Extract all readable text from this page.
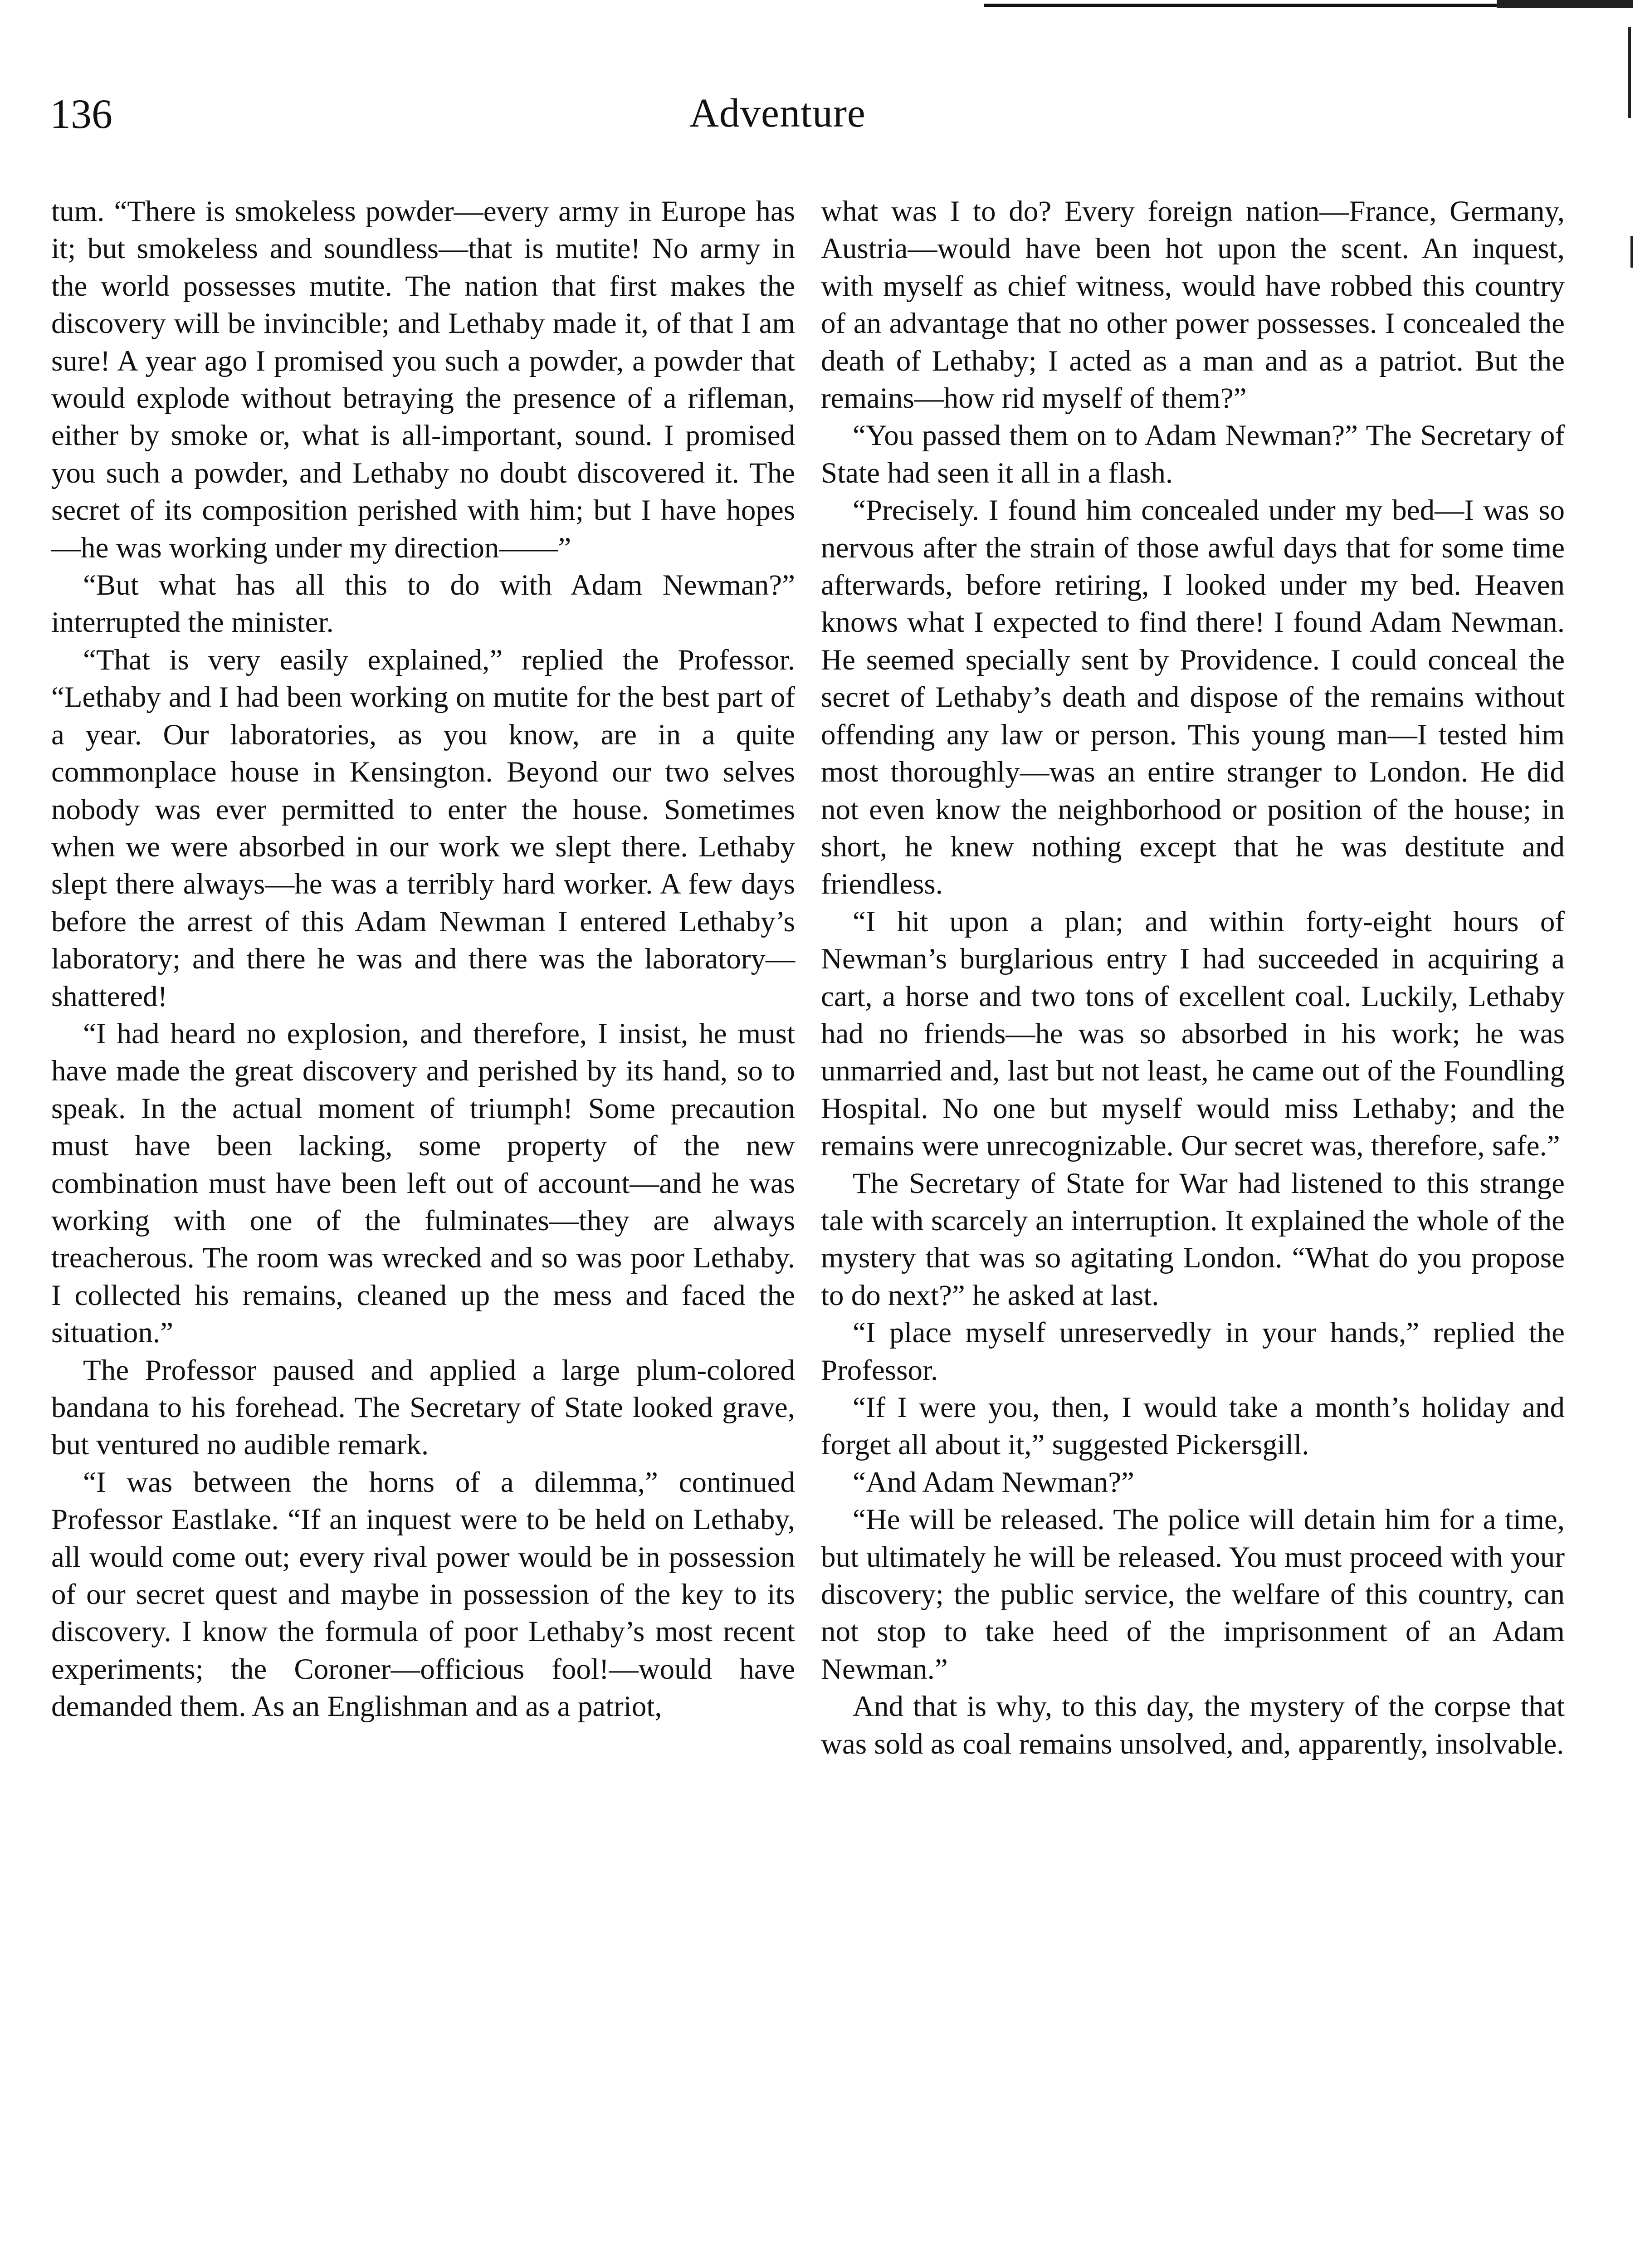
136	Adventure

tum. “There is smokeless powder—every army in Europe has it; but smokeless and soundless—that is mutite! No army in the world possesses mutite. The nation that first makes the discovery will be invincible; and Lethaby made it, of that I am sure! A year ago I promised you such a powder, a powder that would explode without betraying the presence of a rifleman, either by smoke or, what is all-important, sound. I promised you such a powder, and Lethaby no doubt discovered it. The secret of its composition perished with him; but I have hopes—he was working under my direction——”

“But what has all this to do with Adam Newman?” interrupted the minister.

“That is very easily explained,” replied the Professor. “Lethaby and I had been working on mutite for the best part of a year. Our laboratories, as you know, are in a quite commonplace house in Kensington. Beyond our two selves nobody was ever permitted to enter the house. Sometimes when we were absorbed in our work we slept there. Lethaby slept there always—he was a terribly hard worker. A few days before the arrest of this Adam Newman I entered Lethaby’s laboratory; and there he was and there was the laboratory—shattered!

“I had heard no explosion, and therefore, I insist, he must have made the great discovery and perished by its hand, so to speak. In the actual moment of triumph! Some precaution must have been lacking, some property of the new combination must have been left out of account—and he was working with one of the fulminates—they are always treacherous. The room was wrecked and so was poor Lethaby. I collected his remains, cleaned up the mess and faced the situation.”

The Professor paused and applied a large plum-colored bandana to his forehead. The Secretary of State looked grave, but ventured no audible remark.

“I was between the horns of a dilemma,” continued Professor Eastlake. “If an inquest were to be held on Lethaby, all would come out; every rival power would be in possession of our secret quest and maybe in possession of the key to its discovery. I know the formula of poor Lethaby’s most recent experiments; the Coroner—officious fool!—would have demanded them. As an Englishman and as a patriot,

what was I to do? Every foreign nation—France, Germany, Austria—would have been hot upon the scent. An inquest, with myself as chief witness, would have robbed this country of an advantage that no other power possesses. I concealed the death of Lethaby; I acted as a man and as a patriot. But the remains—how rid myself of them?”

“You passed them on to Adam Newman?” The Secretary of State had seen it all in a flash.

“Precisely. I found him concealed under my bed—I was so nervous after the strain of those awful days that for some time afterwards, before retiring, I looked under my bed. Heaven knows what I expected to find there! I found Adam Newman. He seemed specially sent by Providence. I could conceal the secret of Lethaby’s death and dispose of the remains without offending any law or person. This young man—I tested him most thoroughly—was an entire stranger to London. He did not even know the neighborhood or position of the house; in short, he knew nothing except that he was destitute and friendless.

“I hit upon a plan; and within forty-eight hours of Newman’s burglarious entry I had succeeded in acquiring a cart, a horse and two tons of excellent coal. Luckily, Lethaby had no friends—he was so absorbed in his work; he was unmarried and, last but not least, he came out of the Foundling Hospital. No one but myself would miss Lethaby; and the remains were unrecognizable. Our secret was, therefore, safe.”

The Secretary of State for War had listened to this strange tale with scarcely an interruption. It explained the whole of the mystery that was so agitating London. “What do you propose to do next?” he asked at last.

“I place myself unreservedly in your hands,” replied the Professor.

“If I were you, then, I would take a month’s holiday and forget all about it,” suggested Pickersgill.

“And Adam Newman?”

“He will be released. The police will detain him for a time, but ultimately he will be released. You must proceed with your discovery; the public service, the welfare of this country, can not stop to take heed of the imprisonment of an Adam Newman.”

And that is why, to this day, the mystery of the corpse that was sold as coal remains unsolved, and, apparently, insolvable.
